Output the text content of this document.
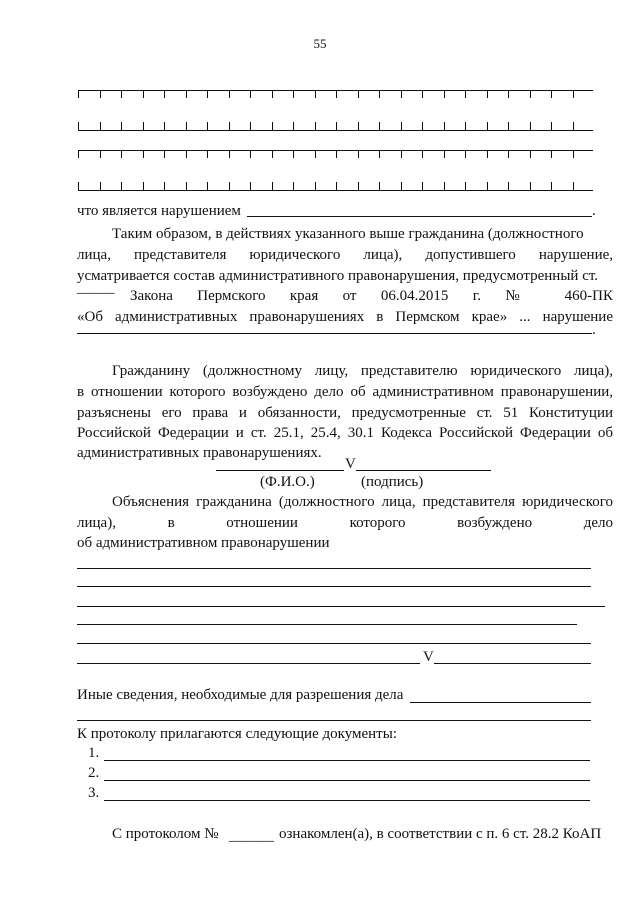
55
что является нарушением	.
Таким образом, в действиях указанного выше гражданина (должностного
лица, представителя юридического лица), допустившего нарушение,
усматривается состав административного правонарушения, предусмотренный ст.
_____ Закона Пермского края от 06.04.2015 г. № 460-ПК
«Об административных правонарушениях в Пермском крае» ... нарушение
.
Гражданину (должностному лицу, представителю юридического лица),
в отношении которого возбуждено дело об административном правонарушении,
разъяснены его права и обязанности, предусмотренные ст. 51 Конституции
Российской Федерации и ст. 25.1, 25.4, 30.1 Кодекса Российской Федерации об
административных правонарушениях.
V
(Ф.И.О.)	(подпись)
Объяснения гражданина (должностного лица, представителя юридического
лица), в отношении которого возбуждено дело
об административном правонарушении
V
Иные сведения, необходимые для разрешения дела
К протоколу прилагаются следующие документы:
1.
2.
3.
С протоколом № ______ ознакомлен(а), в соответствии с п. 6 ст. 28.2 КоАП
